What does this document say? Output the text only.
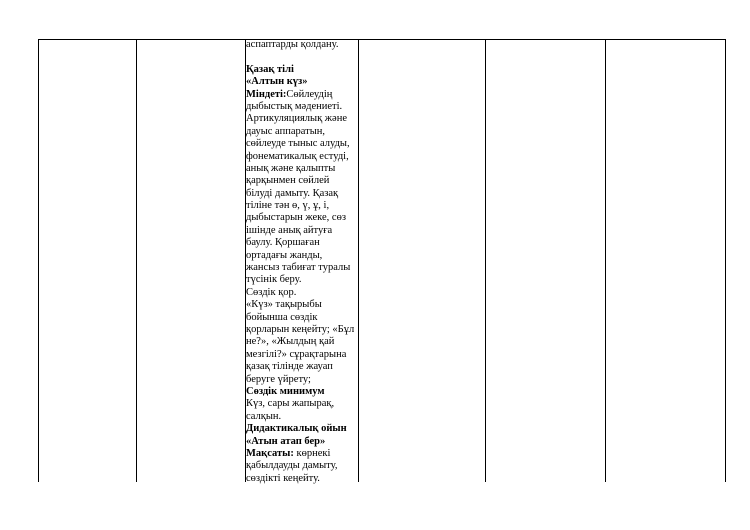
аспаптарды қолдану.
Қазақ тілі
«Алтын күз»
Міндеті:Сөйлеудің
дыбыстық мәдениеті.
Артикуляциялық және
дауыс аппаратын,
сөйлеуде тыныс алуды,
фонематикалық естуді,
анық және қалыпты
қарқынмен сөйлей
білуді дамыту. Қазақ
тіліне тән ө, ү, ұ, і,
дыбыстарын жеке, сөз
ішінде анық айтуға
баулу. Қоршаған
ортадағы жанды,
жансыз табиғат туралы
түсінік беру.
Сөздік қор.
«Күз» тақырыбы
бойынша сөздік
қорларын кеңейту; «Бұл
не?», «Жылдың қай
мезгілі?» сұрақтарына
қазақ тілінде жауап
беруге үйрету;
Сөздік минимум
Күз, сары жапырақ,
салқын.
Дидактикалық ойын
«Атын атап бер»
Мақсаты: көрнекі
қабылдауды дамыту,
сөздікті кеңейту.
